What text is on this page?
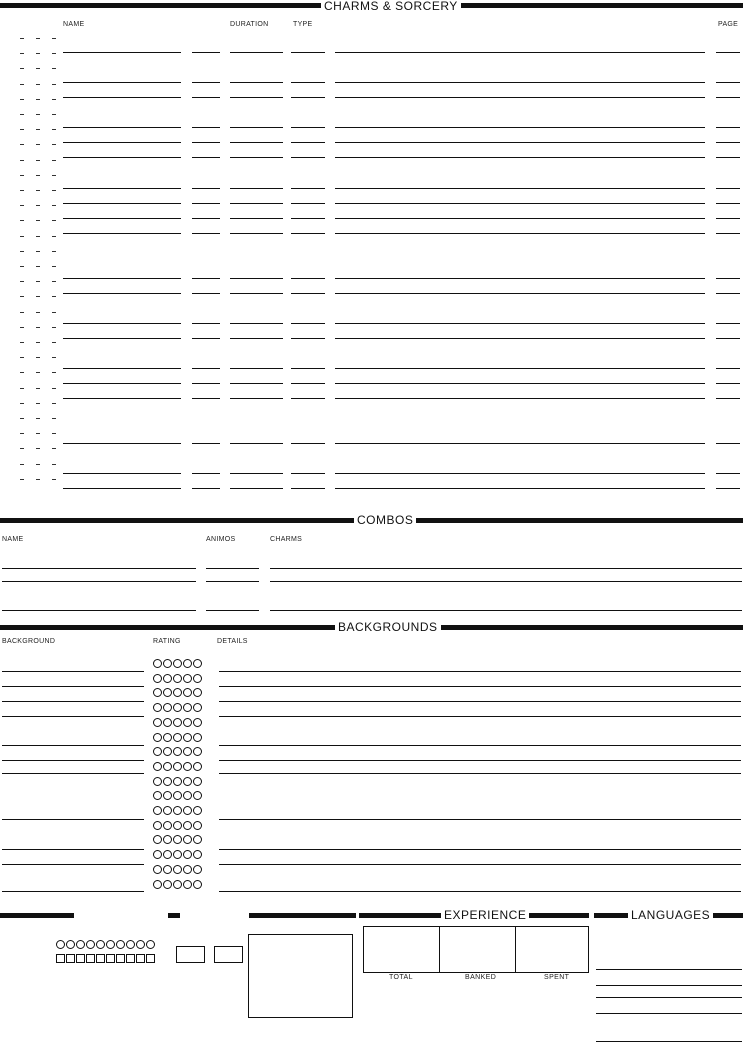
CHARMS & SORCERY
NAME	DURATION	TYPE	PAGE
COMBOS
NAME	ANIMOS	CHARMS
BACKGROUNDS
BACKGROUND	RATING	DETAILS
EXPERIENCE
TOTAL	BANKED	SPENT
LANGUAGES
